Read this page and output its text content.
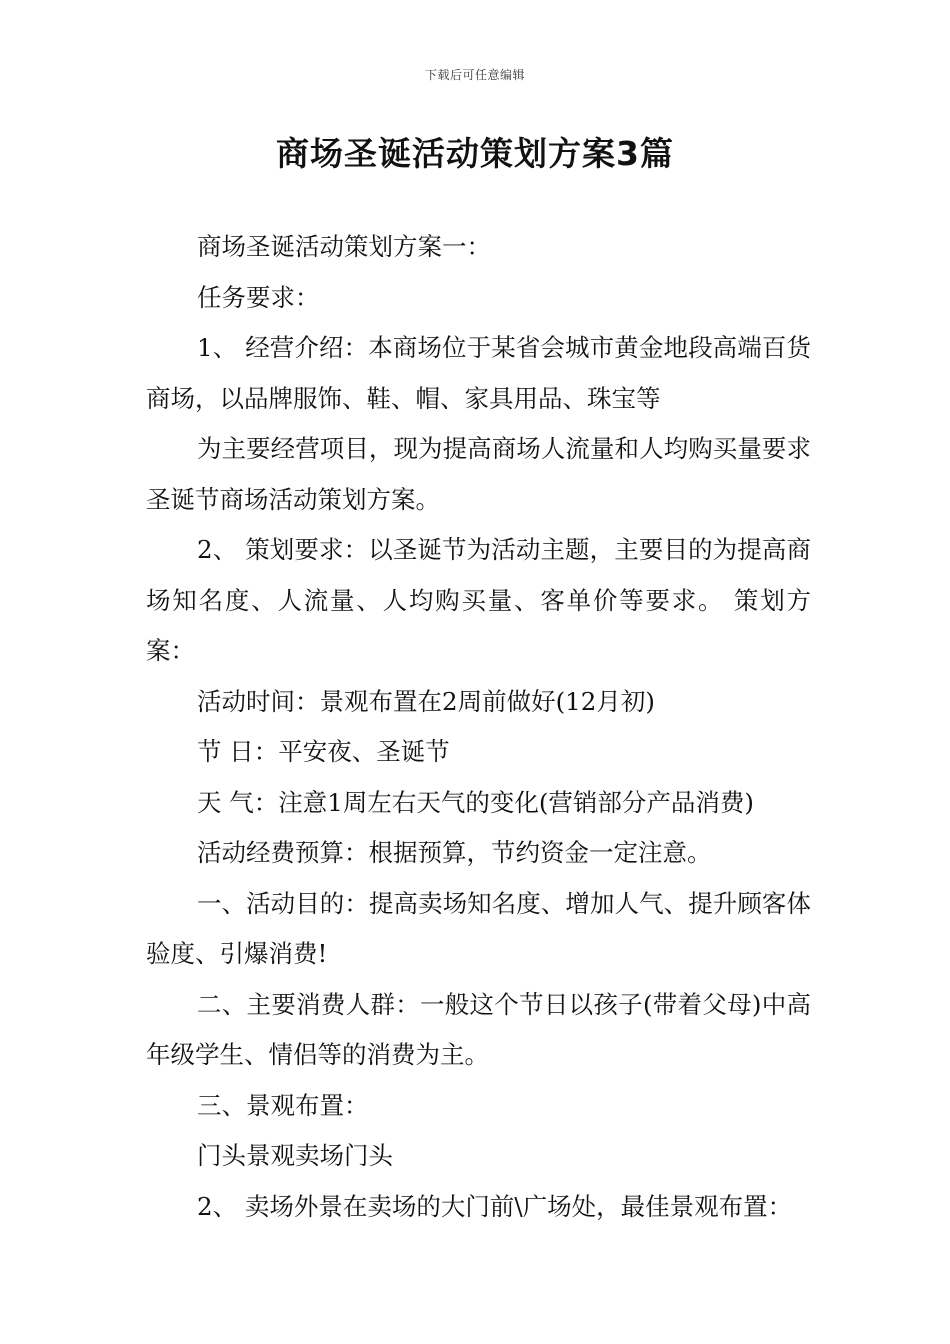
下载后可任意编辑
商场圣诞活动策划方案3篇

商场圣诞活动策划方案一：

任务要求：

1、 经营介绍：本商场位于某省会城市黄金地段高端百货商场，以品牌服饰、鞋、帽、家具用品、珠宝等

为主要经营项目，现为提高商场人流量和人均购买量要求圣诞节商场活动策划方案。

2、 策划要求：以圣诞节为活动主题，主要目的为提高商场知名度、人流量、人均购买量、客单价等要求。 策划方案：

活动时间：景观布置在2周前做好(12月初)

节 日：平安夜、圣诞节

天 气：注意1周左右天气的变化(营销部分产品消费)

活动经费预算：根据预算，节约资金一定注意。

一、活动目的：提高卖场知名度、增加人气、提升顾客体验度、引爆消费!

二、主要消费人群：一般这个节日以孩子(带着父母)中高年级学生、情侣等的消费为主。

三、景观布置：

门头景观卖场门头

2、 卖场外景在卖场的大门前\广场处，最佳景观布置：
